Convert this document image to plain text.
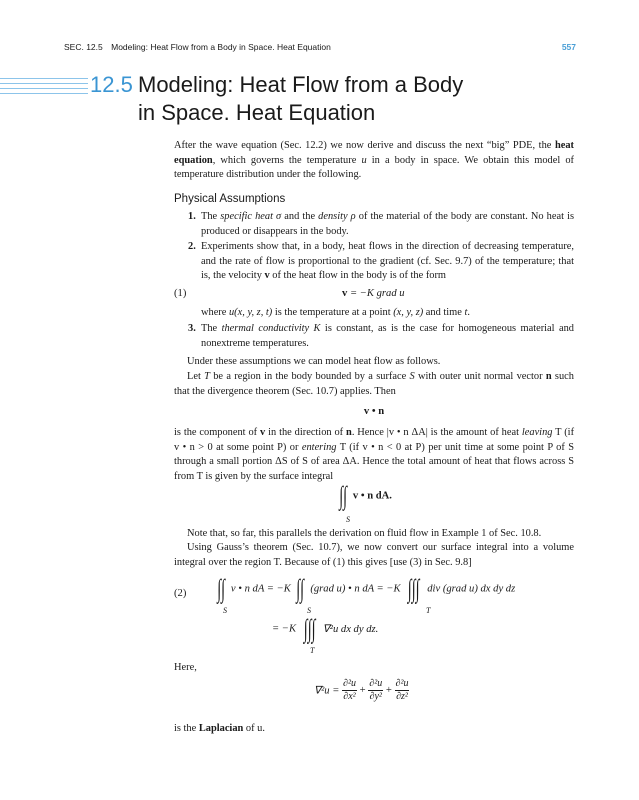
SEC. 12.5 Modeling: Heat Flow from a Body in Space. Heat Equation	557
12.5 Modeling: Heat Flow from a Body
in Space. Heat Equation
After the wave equation (Sec. 12.2) we now derive and discuss the next “big” PDE, the heat equation, which governs the temperature u in a body in space. We obtain this model of temperature distribution under the following.
Physical Assumptions
1. The specific heat σ and the density ρ of the material of the body are constant. No heat is produced or disappears in the body.
2. Experiments show that, in a body, heat flows in the direction of decreasing temperature, and the rate of flow is proportional to the gradient (cf. Sec. 9.7) of the temperature; that is, the velocity v of the heat flow in the body is of the form
(1)	v = −K grad u
where u(x, y, z, t) is the temperature at a point (x, y, z) and time t.
3. The thermal conductivity K is constant, as is the case for homogeneous material and nonextreme temperatures.
Under these assumptions we can model heat flow as follows.
Let T be a region in the body bounded by a surface S with outer unit normal vector n such that the divergence theorem (Sec. 10.7) applies. Then
v • n
is the component of v in the direction of n. Hence |v • n ΔA| is the amount of heat leaving T (if v • n > 0 at some point P) or entering T (if v • n < 0 at P) per unit time at some point P of S through a small portion ΔS of S of area ΔA. Hence the total amount of heat that flows across S from T is given by the surface integral
∫∫ v • n dA.
S
Note that, so far, this parallels the derivation on fluid flow in Example 1 of Sec. 10.8.
Using Gauss’s theorem (Sec. 10.7), we now convert our surface integral into a volume integral over the region T. Because of (1) this gives [use (3) in Sec. 9.8]
(2) ∫∫ v • n dA = −K ∫∫ (grad u) • n dA = −K ∫∫∫ div (grad u) dx dy dz
S	S	T
= −K ∫∫∫ ∇²u dx dy dz.
T
Here,
$\nabla^2u = \frac{\text{∂²u}}{\text{∂x²}} + \frac{\text{∂²u}}{\text{∂y²}} + \frac{\text{∂²u}}{\text{∂z²}}$
is the Laplacian of u.
